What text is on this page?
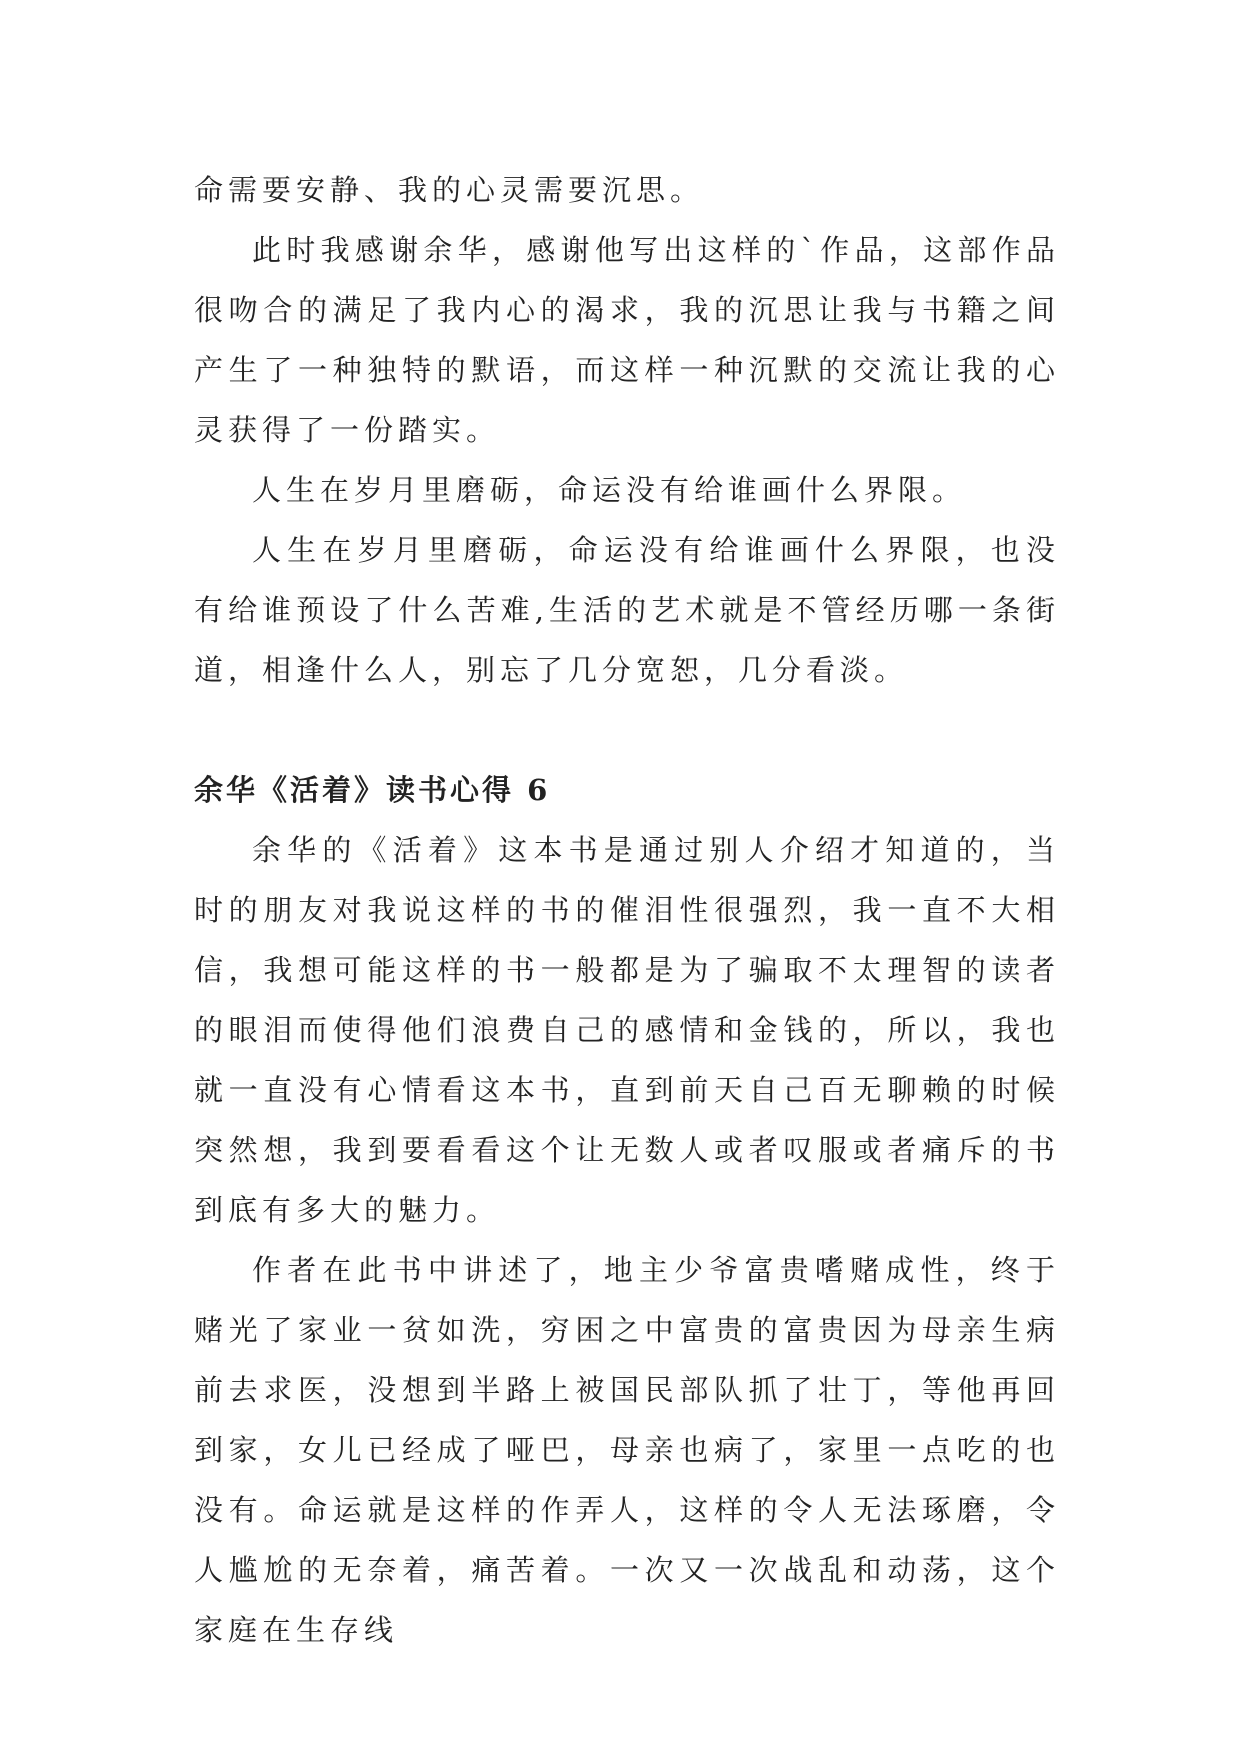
命需要安静、我的心灵需要沉思。

此时我感谢余华，感谢他写出这样的`作品，这部作品很吻合的满足了我内心的渴求，我的沉思让我与书籍之间产生了一种独特的默语，而这样一种沉默的交流让我的心灵获得了一份踏实。

人生在岁月里磨砺，命运没有给谁画什么界限。

人生在岁月里磨砺，命运没有给谁画什么界限，也没有给谁预设了什么苦难,生活的艺术就是不管经历哪一条街道，相逢什么人，别忘了几分宽恕，几分看淡。

余华《活着》读书心得 6

余华的《活着》这本书是通过别人介绍才知道的，当时的朋友对我说这样的书的催泪性很强烈，我一直不大相信，我想可能这样的书一般都是为了骗取不太理智的读者的眼泪而使得他们浪费自己的感情和金钱的，所以，我也就一直没有心情看这本书，直到前天自己百无聊赖的时候突然想，我到要看看这个让无数人或者叹服或者痛斥的书到底有多大的魅力。

作者在此书中讲述了，地主少爷富贵嗜赌成性，终于赌光了家业一贫如洗，穷困之中富贵的富贵因为母亲生病前去求医，没想到半路上被国民部队抓了壮丁，等他再回到家，女儿已经成了哑巴，母亲也病了，家里一点吃的也没有。命运就是这样的作弄人，这样的令人无法琢磨，令人尴尬的无奈着，痛苦着。一次又一次战乱和动荡，这个家庭在生存线
